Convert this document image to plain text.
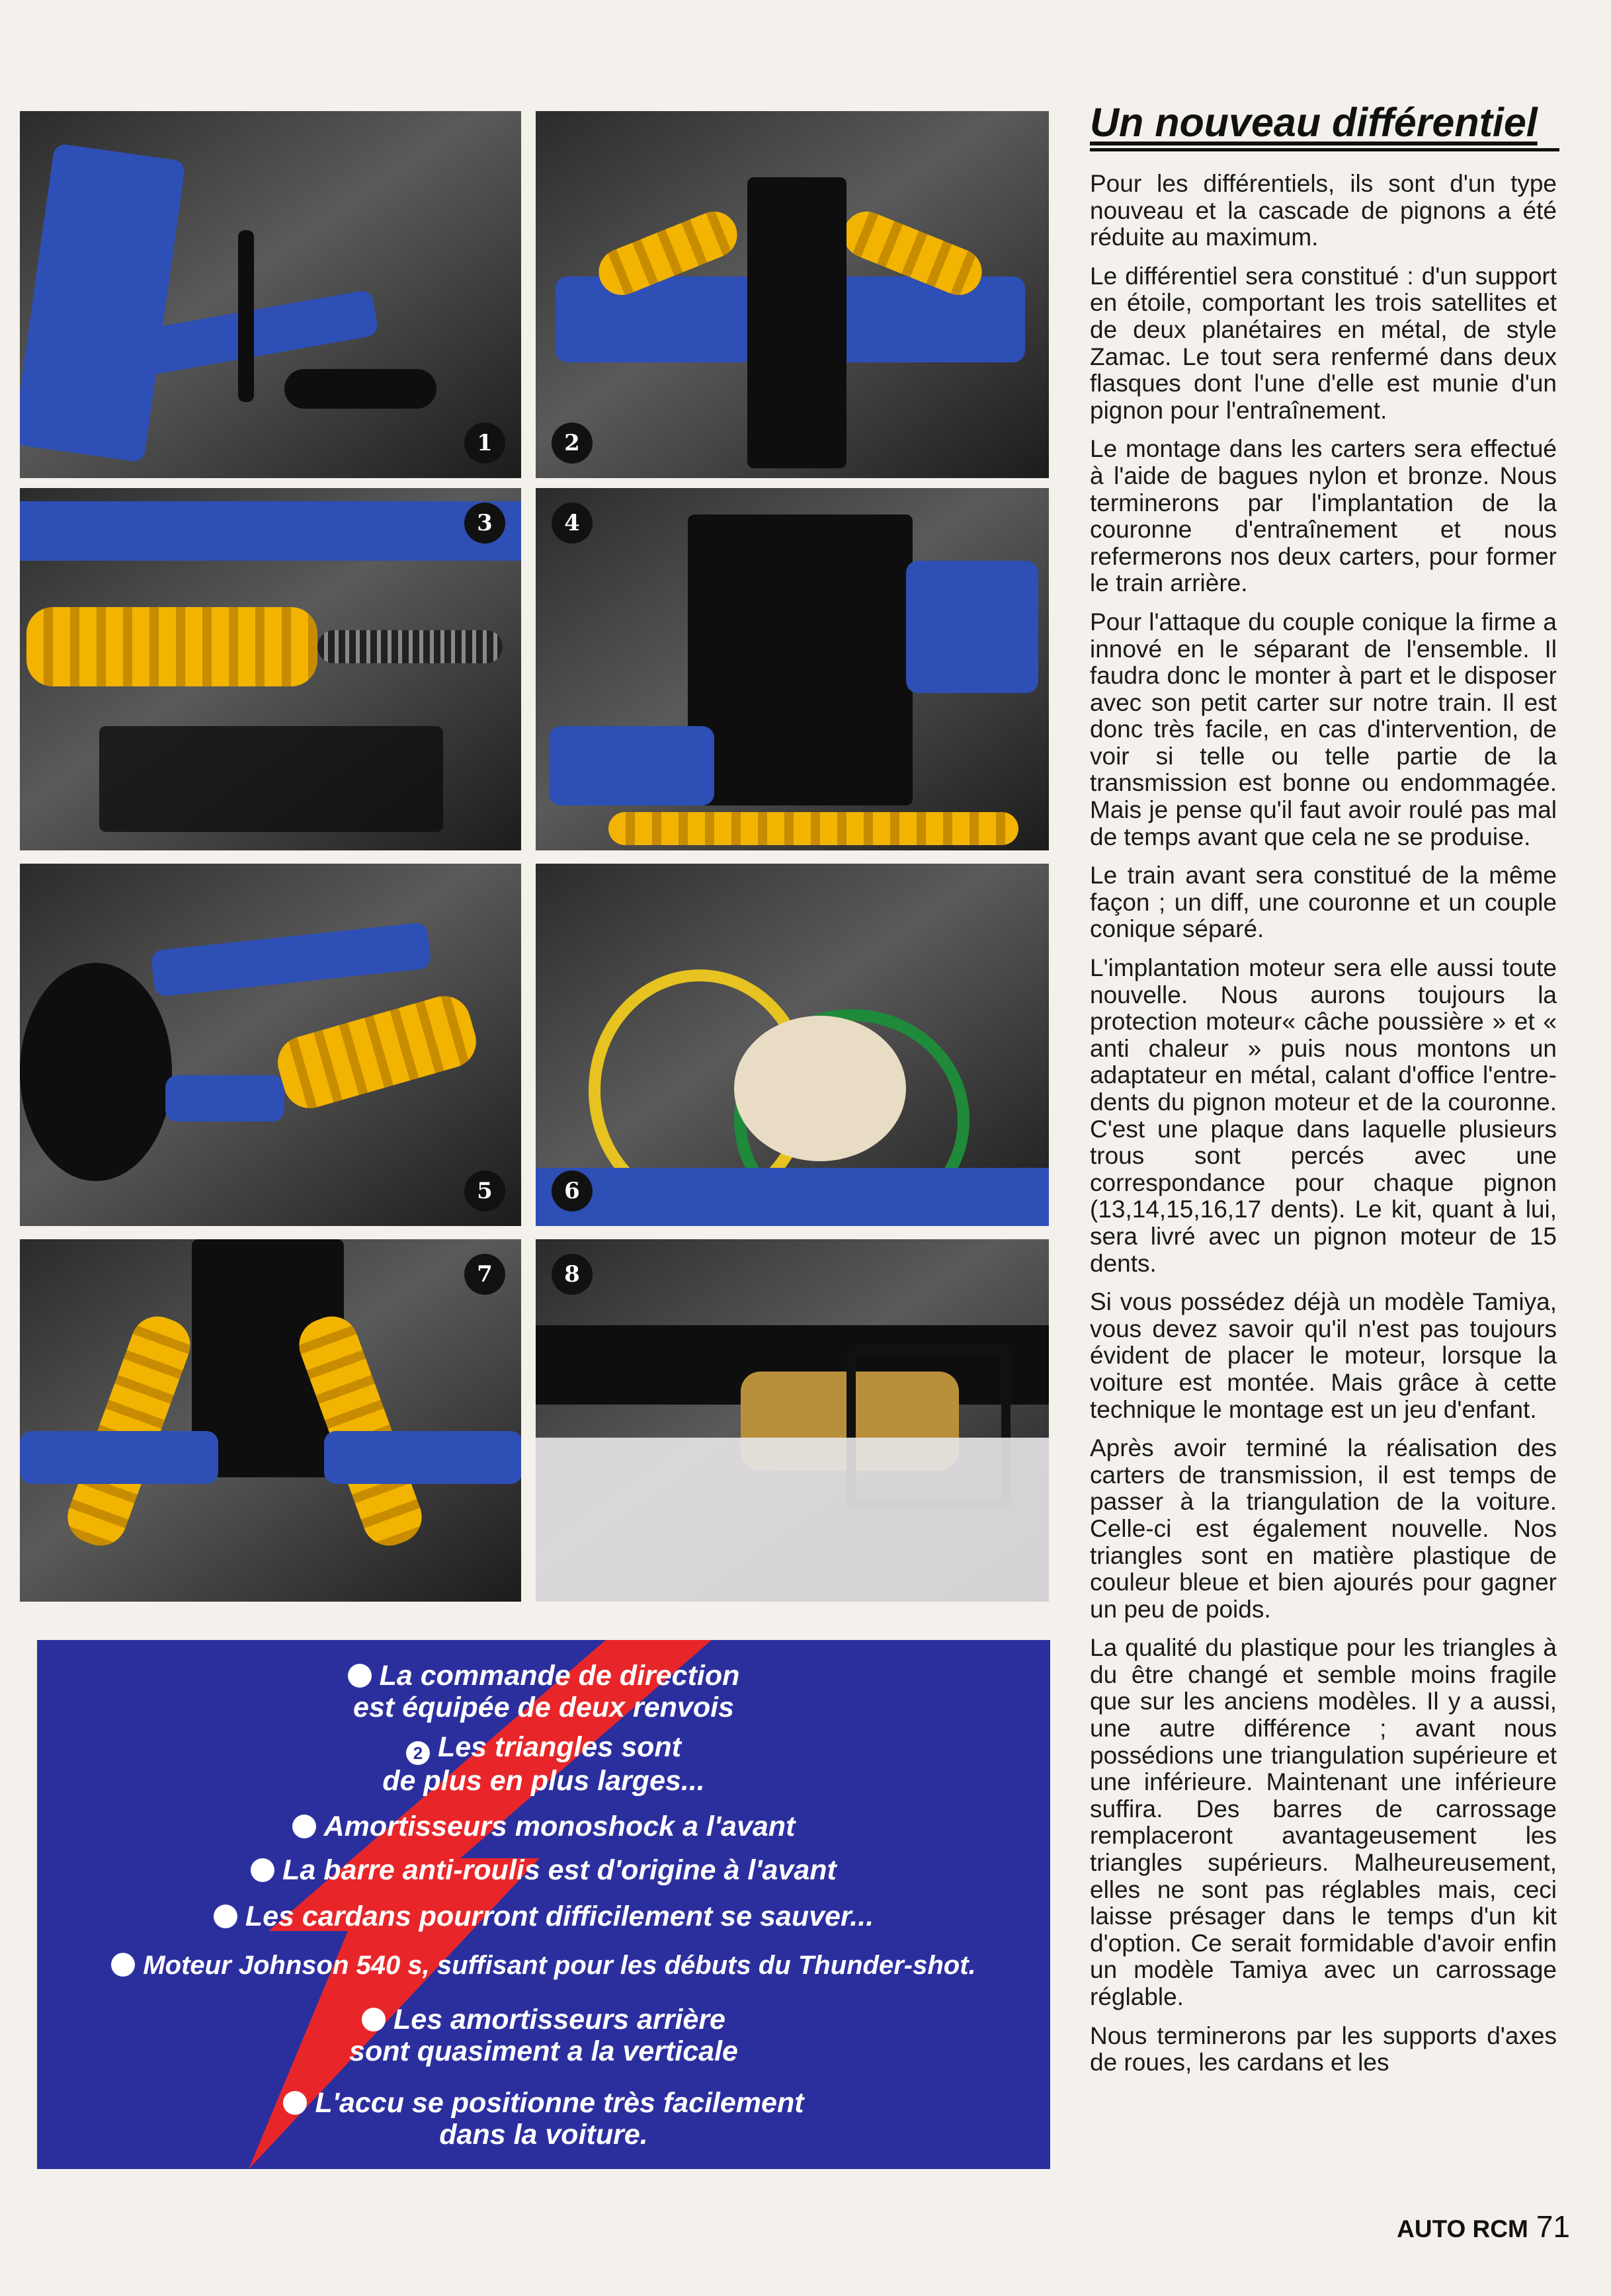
1	2
3	4
5	6
7	8
Un nouveau différentiel

Pour les différentiels, ils sont d'un type nouveau et la cascade de pignons a été réduite au maximum.

Le différentiel sera constitué : d'un support en étoile, comportant les trois satellites et de deux planétaires en métal, de style Zamac. Le tout sera renfermé dans deux flasques dont l'une d'elle est munie d'un pignon pour l'entraînement.

Le montage dans les carters sera effectué à l'aide de bagues nylon et bronze. Nous terminerons par l'implantation de la couronne d'entraînement et nous refermerons nos deux carters, pour former le train arrière.

Pour l'attaque du couple conique la firme a innové en le séparant de l'ensemble. Il faudra donc le monter à part et le disposer avec son petit carter sur notre train. Il est donc très facile, en cas d'intervention, de voir si telle ou telle partie de la transmission est bonne ou endommagée. Mais je pense qu'il faut avoir roulé pas mal de temps avant que cela ne se produise.

Le train avant sera constitué de la même façon ; un diff, une couronne et un couple conique séparé.

L'implantation moteur sera elle aussi toute nouvelle. Nous aurons toujours la protection moteur« câche poussière » et « anti chaleur » puis nous montons un adaptateur en métal, calant d'office l'entre-dents du pignon moteur et de la couronne. C'est une plaque dans laquelle plusieurs trous sont percés avec une correspondance pour chaque pignon (13,14,15,16,17 dents). Le kit, quant à lui, sera livré avec un pignon moteur de 15 dents.

Si vous possédez déjà un modèle Tamiya, vous devez savoir qu'il n'est pas toujours évident de placer le moteur, lorsque la voiture est montée. Mais grâce à cette technique le montage est un jeu d'enfant.

Après avoir terminé la réalisation des carters de transmission, il est temps de passer à la triangulation de la voiture. Celle-ci est également nouvelle. Nos triangles sont en matière plastique de couleur bleue et bien ajourés pour gagner un peu de poids.

La qualité du plastique pour les triangles à du être changé et semble moins fragile que sur les anciens modèles. Il y a aussi, une autre différence ; avant nous possédions une triangulation supérieure et une inférieure. Maintenant une inférieure suffira. Des barres de carrossage remplaceront avantageusement les triangles supérieurs. Malheureusement, elles ne sont pas réglables mais, ceci laisse présager dans le temps d'un kit d'option. Ce serait formidable d'avoir enfin un modèle Tamiya avec un carrossage réglable.

Nous terminerons par les supports d'axes de roues, les cardans et les

La commande de direction
est équipée de deux renvois
2 Les triangles sont
de plus en plus larges...
Amortisseurs monoshock a l'avant
La barre anti-roulis est d'origine à l'avant
Les cardans pourront difficilement se sauver...
Moteur Johnson 540 s, suffisant pour les débuts du Thunder-shot.
Les amortisseurs arrière
sont quasiment a la verticale
L'accu se positionne très facilement
dans la voiture.
AUTO RCM 71
